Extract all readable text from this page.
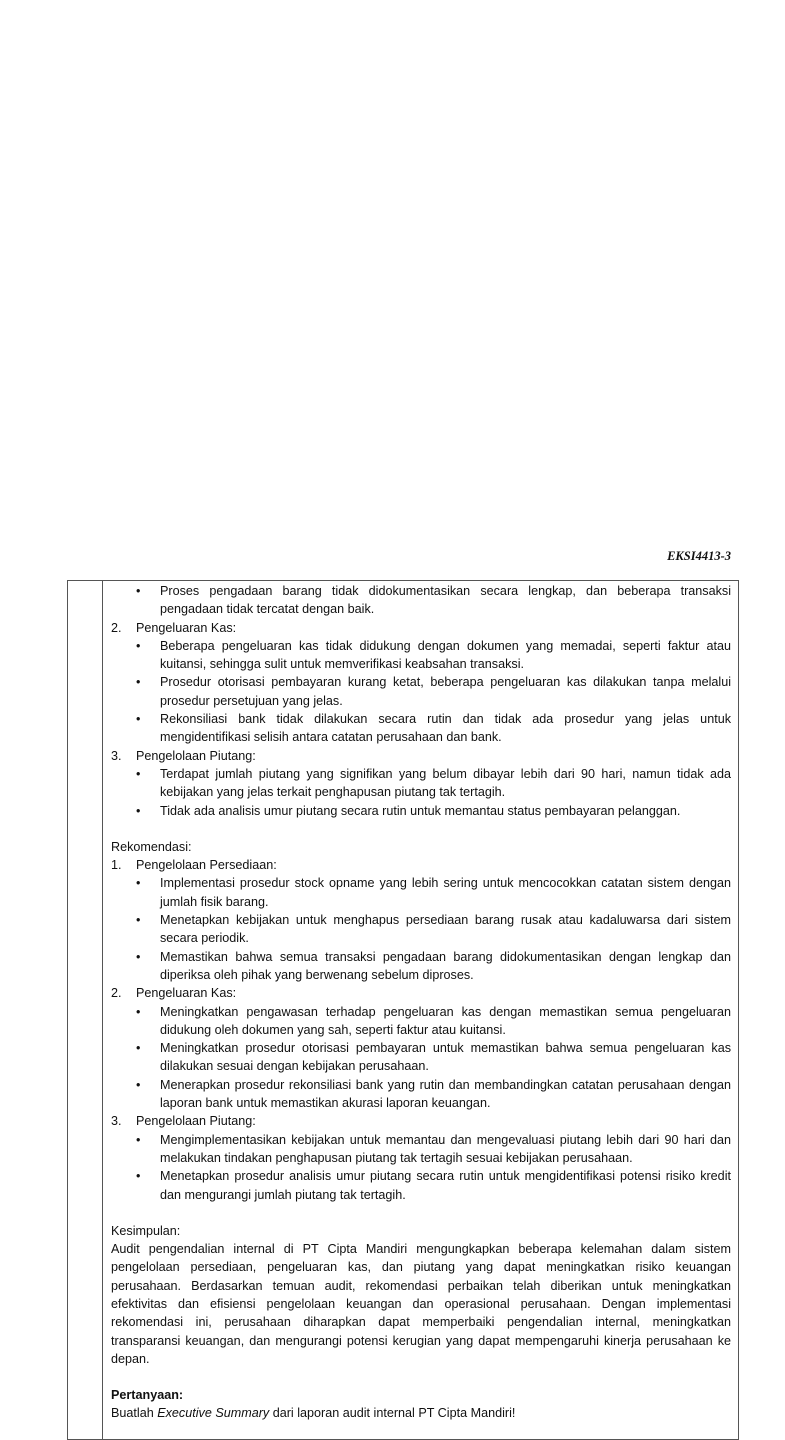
EKSI4413-3
• Proses pengadaan barang tidak didokumentasikan secara lengkap, dan beberapa transaksi pengadaan tidak tercatat dengan baik.
2. Pengeluaran Kas:
• Beberapa pengeluaran kas tidak didukung dengan dokumen yang memadai, seperti faktur atau kuitansi, sehingga sulit untuk memverifikasi keabsahan transaksi.
• Prosedur otorisasi pembayaran kurang ketat, beberapa pengeluaran kas dilakukan tanpa melalui prosedur persetujuan yang jelas.
• Rekonsiliasi bank tidak dilakukan secara rutin dan tidak ada prosedur yang jelas untuk mengidentifikasi selisih antara catatan perusahaan dan bank.
3. Pengelolaan Piutang:
• Terdapat jumlah piutang yang signifikan yang belum dibayar lebih dari 90 hari, namun tidak ada kebijakan yang jelas terkait penghapusan piutang tak tertagih.
• Tidak ada analisis umur piutang secara rutin untuk memantau status pembayaran pelanggan.
Rekomendasi:
1. Pengelolaan Persediaan:
• Implementasi prosedur stock opname yang lebih sering untuk mencocokkan catatan sistem dengan jumlah fisik barang.
• Menetapkan kebijakan untuk menghapus persediaan barang rusak atau kadaluwarsa dari sistem secara periodik.
• Memastikan bahwa semua transaksi pengadaan barang didokumentasikan dengan lengkap dan diperiksa oleh pihak yang berwenang sebelum diproses.
2. Pengeluaran Kas:
• Meningkatkan pengawasan terhadap pengeluaran kas dengan memastikan semua pengeluaran didukung oleh dokumen yang sah, seperti faktur atau kuitansi.
• Meningkatkan prosedur otorisasi pembayaran untuk memastikan bahwa semua pengeluaran kas dilakukan sesuai dengan kebijakan perusahaan.
• Menerapkan prosedur rekonsiliasi bank yang rutin dan membandingkan catatan perusahaan dengan laporan bank untuk memastikan akurasi laporan keuangan.
3. Pengelolaan Piutang:
• Mengimplementasikan kebijakan untuk memantau dan mengevaluasi piutang lebih dari 90 hari dan melakukan tindakan penghapusan piutang tak tertagih sesuai kebijakan perusahaan.
• Menetapkan prosedur analisis umur piutang secara rutin untuk mengidentifikasi potensi risiko kredit dan mengurangi jumlah piutang tak tertagih.
Kesimpulan:
Audit pengendalian internal di PT Cipta Mandiri mengungkapkan beberapa kelemahan dalam sistem pengelolaan persediaan, pengeluaran kas, dan piutang yang dapat meningkatkan risiko keuangan perusahaan. Berdasarkan temuan audit, rekomendasi perbaikan telah diberikan untuk meningkatkan efektivitas dan efisiensi pengelolaan keuangan dan operasional perusahaan. Dengan implementasi rekomendasi ini, perusahaan diharapkan dapat memperbaiki pengendalian internal, meningkatkan transparansi keuangan, dan mengurangi potensi kerugian yang dapat mempengaruhi kinerja perusahaan ke depan.
Pertanyaan:
Buatlah Executive Summary dari laporan audit internal PT Cipta Mandiri!
